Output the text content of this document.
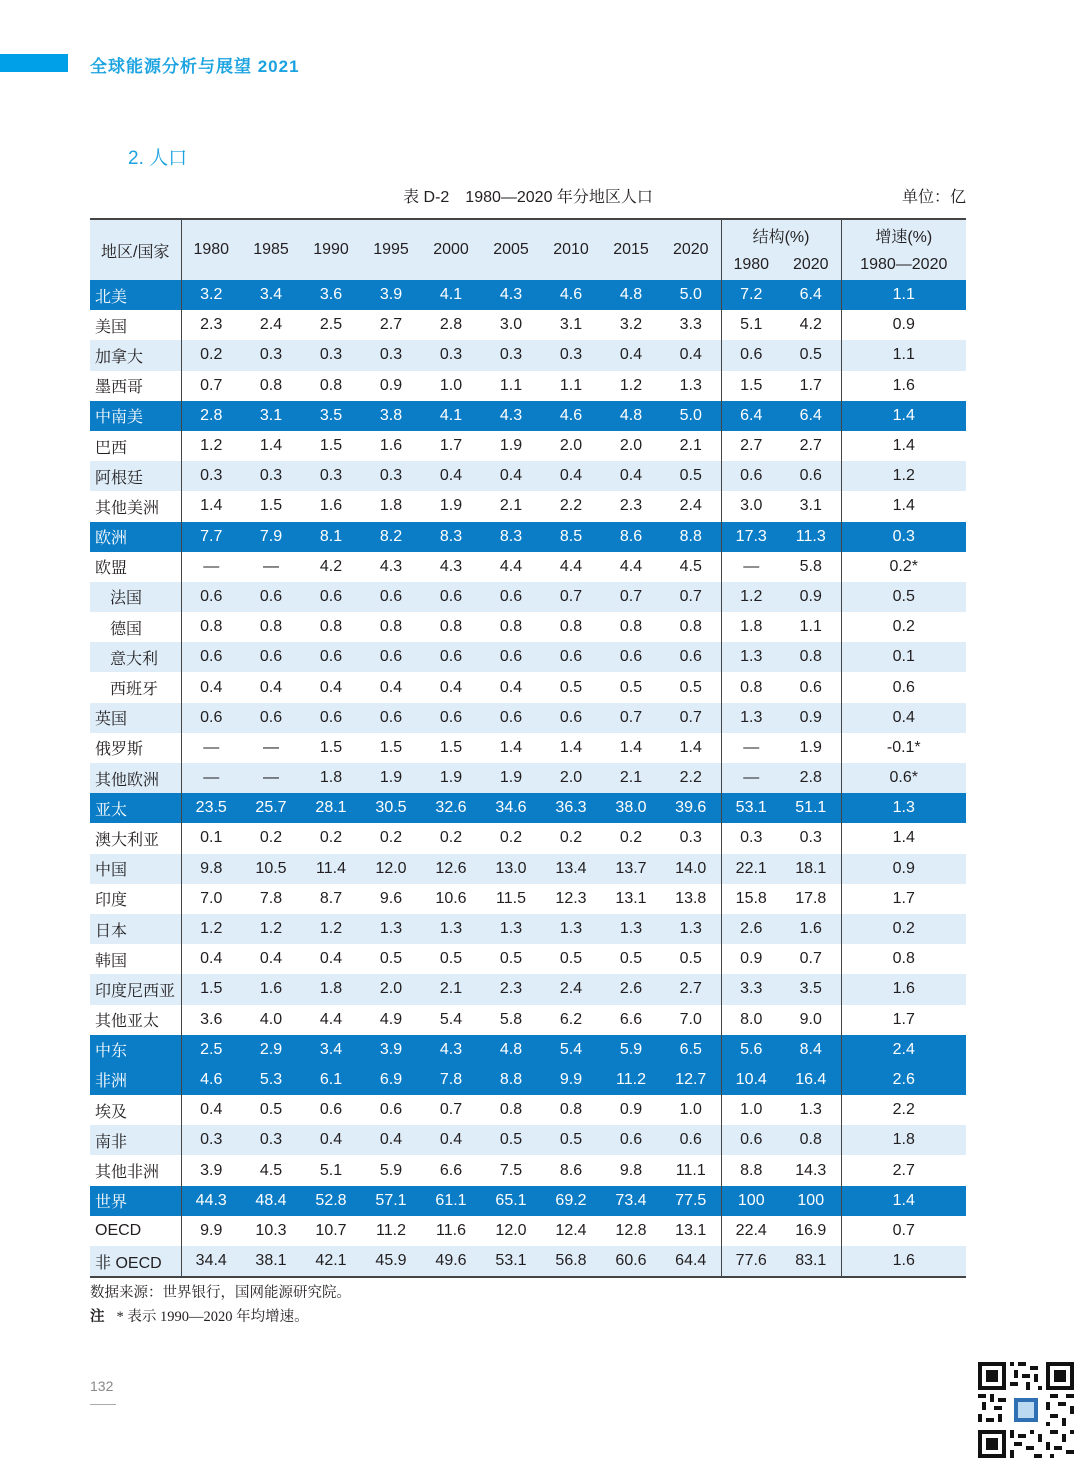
全球能源分析与展望 2021
2. 人口
表 D-2　1980—2020 年分地区人口	单位：亿
地区/国家	1980	1985	1990	1995	2000	2005	2010	2015	2020	结构(%)		增速(%)
										1980	2020	1980—2020
北美	3.2	3.4	3.6	3.9	4.1	4.3	4.6	4.8	5.0	7.2	6.4	1.1
美国	2.3	2.4	2.5	2.7	2.8	3.0	3.1	3.2	3.3	5.1	4.2	0.9
加拿大	0.2	0.3	0.3	0.3	0.3	0.3	0.3	0.4	0.4	0.6	0.5	1.1
墨西哥	0.7	0.8	0.8	0.9	1.0	1.1	1.1	1.2	1.3	1.5	1.7	1.6
中南美	2.8	3.1	3.5	3.8	4.1	4.3	4.6	4.8	5.0	6.4	6.4	1.4
巴西	1.2	1.4	1.5	1.6	1.7	1.9	2.0	2.0	2.1	2.7	2.7	1.4
阿根廷	0.3	0.3	0.3	0.3	0.4	0.4	0.4	0.4	0.5	0.6	0.6	1.2
其他美洲	1.4	1.5	1.6	1.8	1.9	2.1	2.2	2.3	2.4	3.0	3.1	1.4
欧洲	7.7	7.9	8.1	8.2	8.3	8.3	8.5	8.6	8.8	17.3	11.3	0.3
欧盟	—	—	4.2	4.3	4.3	4.4	4.4	4.4	4.5	—	5.8	0.2*
法国	0.6	0.6	0.6	0.6	0.6	0.6	0.7	0.7	0.7	1.2	0.9	0.5
德国	0.8	0.8	0.8	0.8	0.8	0.8	0.8	0.8	0.8	1.8	1.1	0.2
意大利	0.6	0.6	0.6	0.6	0.6	0.6	0.6	0.6	0.6	1.3	0.8	0.1
西班牙	0.4	0.4	0.4	0.4	0.4	0.4	0.5	0.5	0.5	0.8	0.6	0.6
英国	0.6	0.6	0.6	0.6	0.6	0.6	0.6	0.7	0.7	1.3	0.9	0.4
俄罗斯	—	—	1.5	1.5	1.5	1.4	1.4	1.4	1.4	—	1.9	-0.1*
其他欧洲	—	—	1.8	1.9	1.9	1.9	2.0	2.1	2.2	—	2.8	0.6*
亚太	23.5	25.7	28.1	30.5	32.6	34.6	36.3	38.0	39.6	53.1	51.1	1.3
澳大利亚	0.1	0.2	0.2	0.2	0.2	0.2	0.2	0.2	0.3	0.3	0.3	1.4
中国	9.8	10.5	11.4	12.0	12.6	13.0	13.4	13.7	14.0	22.1	18.1	0.9
印度	7.0	7.8	8.7	9.6	10.6	11.5	12.3	13.1	13.8	15.8	17.8	1.7
日本	1.2	1.2	1.2	1.3	1.3	1.3	1.3	1.3	1.3	2.6	1.6	0.2
韩国	0.4	0.4	0.4	0.5	0.5	0.5	0.5	0.5	0.5	0.9	0.7	0.8
印度尼西亚	1.5	1.6	1.8	2.0	2.1	2.3	2.4	2.6	2.7	3.3	3.5	1.6
其他亚太	3.6	4.0	4.4	4.9	5.4	5.8	6.2	6.6	7.0	8.0	9.0	1.7
中东	2.5	2.9	3.4	3.9	4.3	4.8	5.4	5.9	6.5	5.6	8.4	2.4
非洲	4.6	5.3	6.1	6.9	7.8	8.8	9.9	11.2	12.7	10.4	16.4	2.6
埃及	0.4	0.5	0.6	0.6	0.7	0.8	0.8	0.9	1.0	1.0	1.3	2.2
南非	0.3	0.3	0.4	0.4	0.4	0.5	0.5	0.6	0.6	0.6	0.8	1.8
其他非洲	3.9	4.5	5.1	5.9	6.6	7.5	8.6	9.8	11.1	8.8	14.3	2.7
世界	44.3	48.4	52.8	57.1	61.1	65.1	69.2	73.4	77.5	100	100	1.4
OECD	9.9	10.3	10.7	11.2	11.6	12.0	12.4	12.8	13.1	22.4	16.9	0.7
非 OECD	34.4	38.1	42.1	45.9	49.6	53.1	56.8	60.6	64.4	77.6	83.1	1.6
数据来源：世界银行，国网能源研究院。
注 * 表示 1990—2020 年均增速。
132
